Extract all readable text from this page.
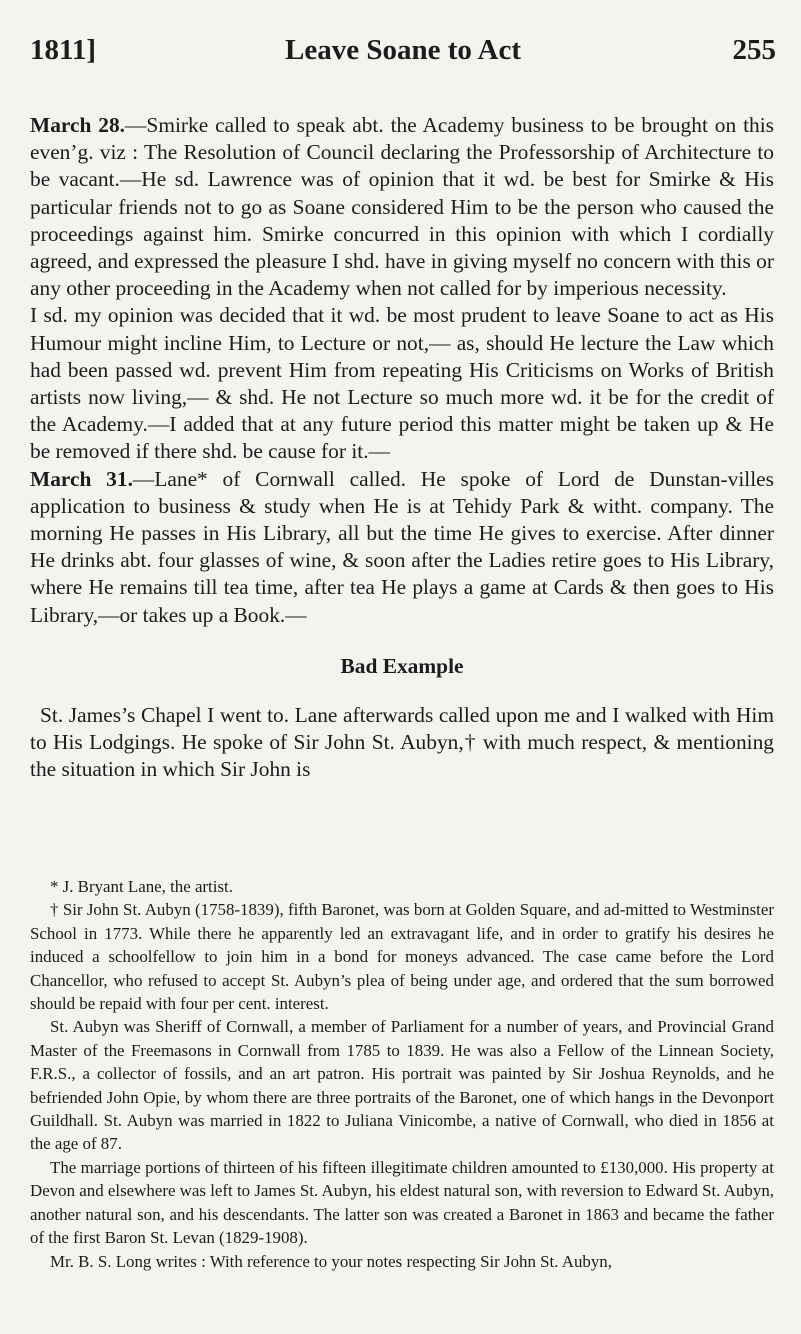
1811]	Leave Soane to Act	255

March 28.—Smirke called to speak abt. the Academy business to be brought on this even’g. viz : The Resolution of Council declaring the Professorship of Architecture to be vacant.—He sd. Lawrence was of opinion that it wd. be best for Smirke & His particular friends not to go as Soane considered Him to be the person who caused the proceedings against him. Smirke concurred in this opinion with which I cordially agreed, and expressed the pleasure I shd. have in giving myself no concern with this or any other proceeding in the Academy when not called for by imperious necessity.

I sd. my opinion was decided that it wd. be most prudent to leave Soane to act as His Humour might incline Him, to Lecture or not,— as, should He lecture the Law which had been passed wd. prevent Him from repeating His Criticisms on Works of British artists now living,— & shd. He not Lecture so much more wd. it be for the credit of the Academy.—I added that at any future period this matter might be taken up & He be removed if there shd. be cause for it.—

March 31.—Lane* of Cornwall called. He spoke of Lord de Dunstan-villes application to business & study when He is at Tehidy Park & witht. company. The morning He passes in His Library, all but the time He gives to exercise. After dinner He drinks abt. four glasses of wine, & soon after the Ladies retire goes to His Library, where He remains till tea time, after tea He plays a game at Cards & then goes to His Library,—or takes up a Book.—

Bad Example

St. James’s Chapel I went to. Lane afterwards called upon me and I walked with Him to His Lodgings. He spoke of Sir John St. Aubyn,† with much respect, & mentioning the situation in which Sir John is

* J. Bryant Lane, the artist.

† Sir John St. Aubyn (1758-1839), fifth Baronet, was born at Golden Square, and ad-mitted to Westminster School in 1773. While there he apparently led an extravagant life, and in order to gratify his desires he induced a schoolfellow to join him in a bond for moneys advanced. The case came before the Lord Chancellor, who refused to accept St. Aubyn’s plea of being under age, and ordered that the sum borrowed should be repaid with four per cent. interest.

St. Aubyn was Sheriff of Cornwall, a member of Parliament for a number of years, and Provincial Grand Master of the Freemasons in Cornwall from 1785 to 1839. He was also a Fellow of the Linnean Society, F.R.S., a collector of fossils, and an art patron. His portrait was painted by Sir Joshua Reynolds, and he befriended John Opie, by whom there are three portraits of the Baronet, one of which hangs in the Devonport Guildhall. St. Aubyn was married in 1822 to Juliana Vinicombe, a native of Cornwall, who died in 1856 at the age of 87.

The marriage portions of thirteen of his fifteen illegitimate children amounted to £130,000. His property at Devon and elsewhere was left to James St. Aubyn, his eldest natural son, with reversion to Edward St. Aubyn, another natural son, and his descendants. The latter son was created a Baronet in 1863 and became the father of the first Baron St. Levan (1829-1908).

Mr. B. S. Long writes : With reference to your notes respecting Sir John St. Aubyn,
